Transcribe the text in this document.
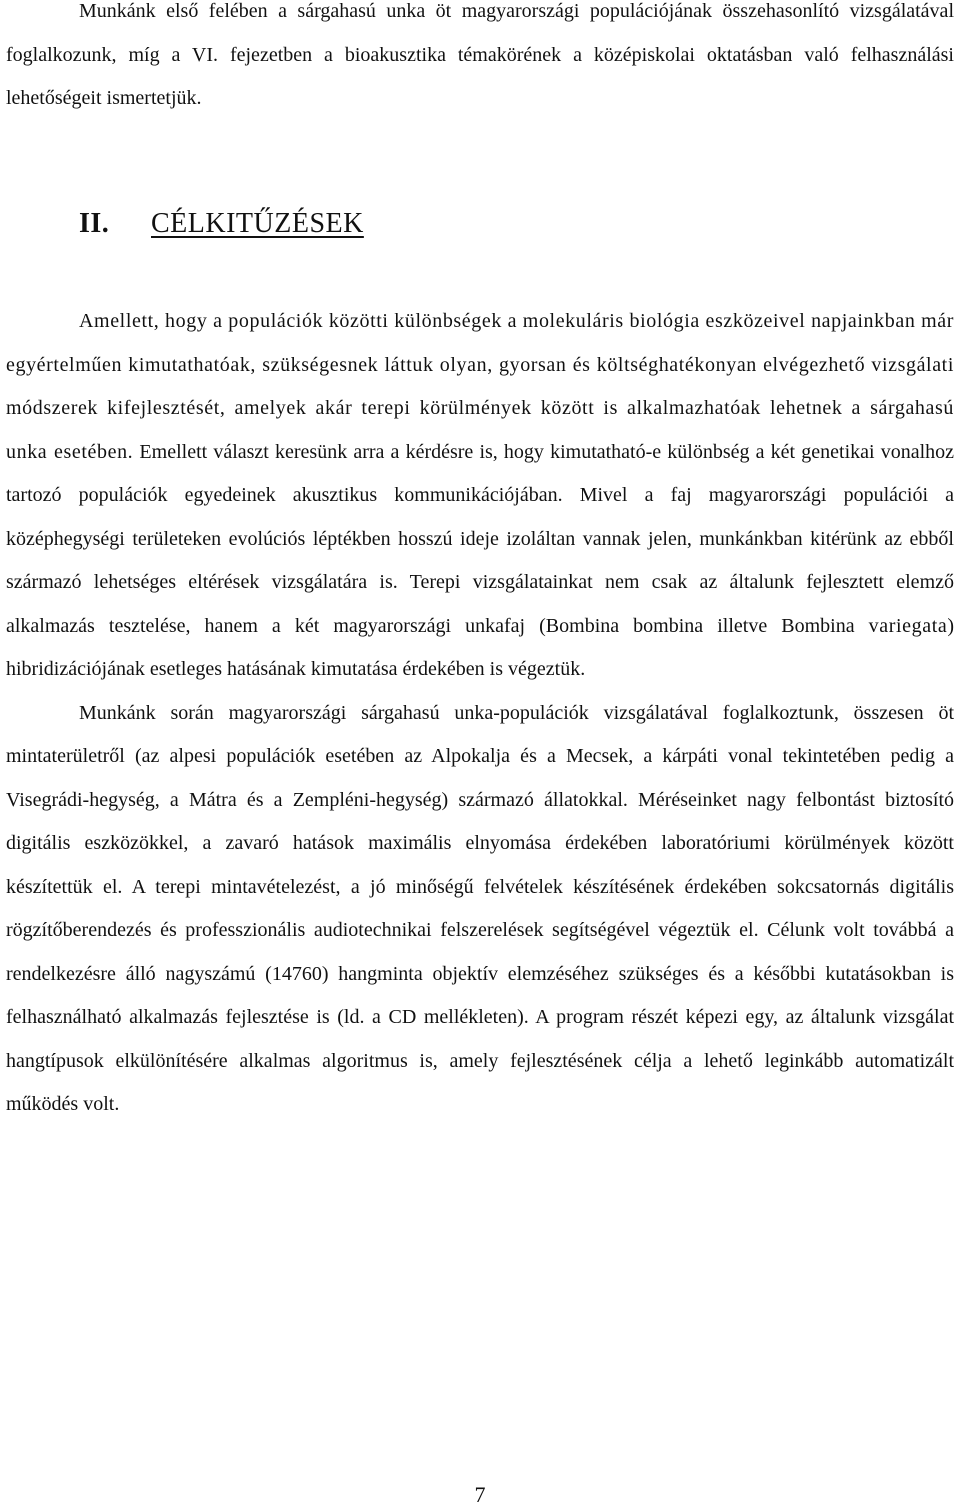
Munkánk első felében a sárgahasú unka öt magyarországi populációjának összehasonlító vizsgálatával foglalkozunk, míg a VI. fejezetben a bioakusztika témakörének a középiskolai oktatásban való felhasználási lehetőségeit ismertetjük.

II. CÉLKITŰZÉSEK

Amellett, hogy a populációk közötti különbségek a molekuláris biológia eszközeivel napjainkban már egyértelműen kimutathatóak, szükségesnek láttuk olyan, gyorsan és költséghatékonyan elvégezhető vizsgálati módszerek kifejlesztését, amelyek akár terepi körülmények között is alkalmazhatóak lehetnek a sárgahasú unka esetében. Emellett választ keresünk arra a kérdésre is, hogy kimutatható-e különbség a két genetikai vonalhoz tartozó populációk egyedeinek akusztikus kommunikációjában. Mivel a faj magyarországi populációi a középhegységi területeken evolúciós léptékben hosszú ideje izoláltan vannak jelen, munkánkban kitérünk az ebből származó lehetséges eltérések vizsgálatára is. Terepi vizsgálatainkat nem csak az általunk fejlesztett elemző alkalmazás tesztelése, hanem a két magyarországi unkafaj (Bombina bombina illetve Bombina variegata) hibridizációjának esetleges hatásának kimutatása érdekében is végeztük.

Munkánk során magyarországi sárgahasú unka-populációk vizsgálatával foglalkoztunk, összesen öt mintaterületről (az alpesi populációk esetében az Alpokalja és a Mecsek, a kárpáti vonal tekintetében pedig a Visegrádi-hegység, a Mátra és a Zempléni-hegység) származó állatokkal. Méréseinket nagy felbontást biztosító digitális eszközökkel, a zavaró hatások maximális elnyomása érdekében laboratóriumi körülmények között készítettük el. A terepi mintavételezést, a jó minőségű felvételek készítésének érdekében sokcsatornás digitális rögzítőberendezés és professzionális audiotechnikai felszerelések segítségével végeztük el. Célunk volt továbbá a rendelkezésre álló nagyszámú (14760) hangminta objektív elemzéséhez szükséges és a későbbi kutatásokban is felhasználható alkalmazás fejlesztése is (ld. a CD mellékleten). A program részét képezi egy, az általunk vizsgálat hangtípusok elkülönítésére alkalmas algoritmus is, amely fejlesztésének célja a lehető leginkább automatizált működés volt.

7
